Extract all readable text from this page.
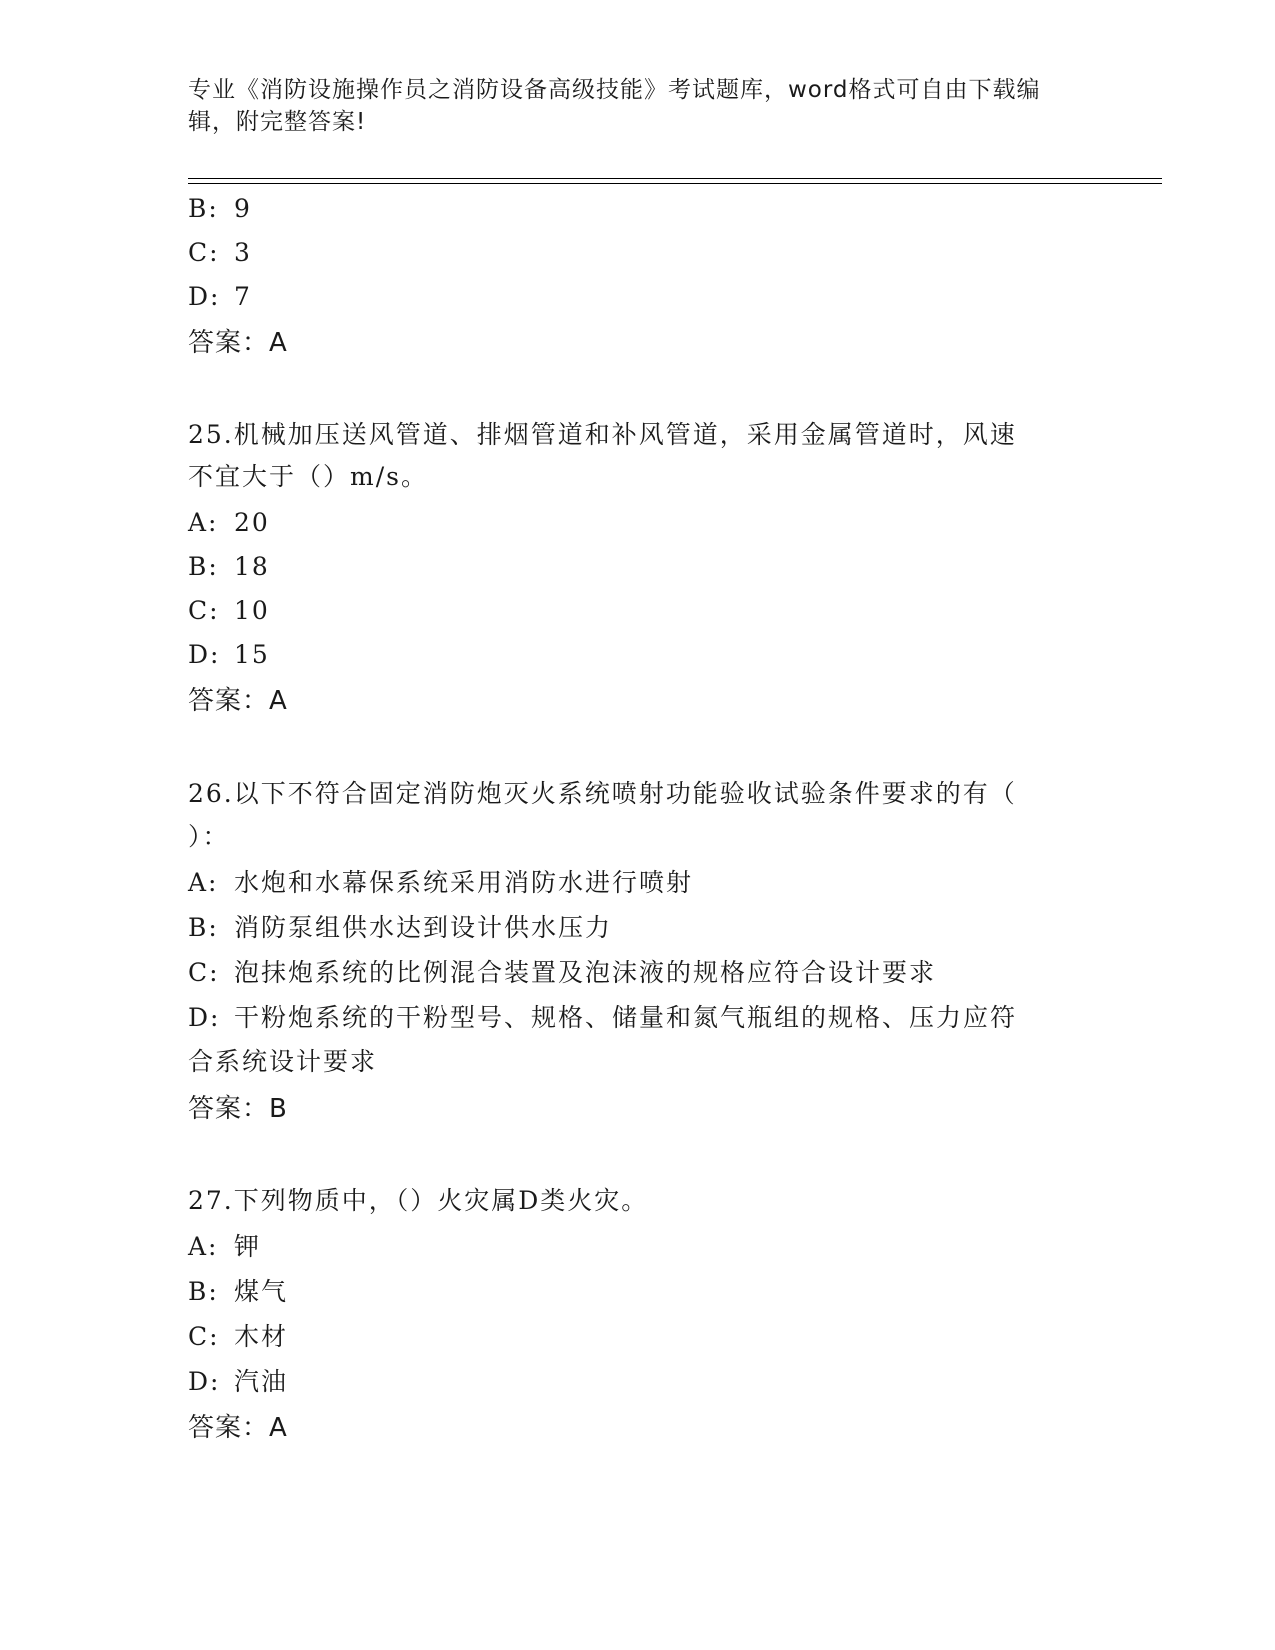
专业《消防设施操作员之消防设备高级技能》考试题库，word格式可自由下载编
辑，附完整答案!
B: 9
C: 3
D: 7
答案：A
25.机械加压送风管道、排烟管道和补风管道，采用金属管道时，风速
不宜大于（）m/s。
A: 20
B: 18
C: 10
D: 15
答案：A
26.以下不符合固定消防炮灭火系统喷射功能验收试验条件要求的有（
）：
A: 水炮和水幕保系统采用消防水进行喷射
B: 消防泵组供水达到设计供水压力
C: 泡抹炮系统的比例混合装置及泡沫液的规格应符合设计要求
D: 干粉炮系统的干粉型号、规格、储量和氮气瓶组的规格、压力应符
合系统设计要求
答案：B
27.下列物质中，（）火灾属D类火灾。
A: 钾
B: 煤气
C: 木材
D: 汽油
答案：A
